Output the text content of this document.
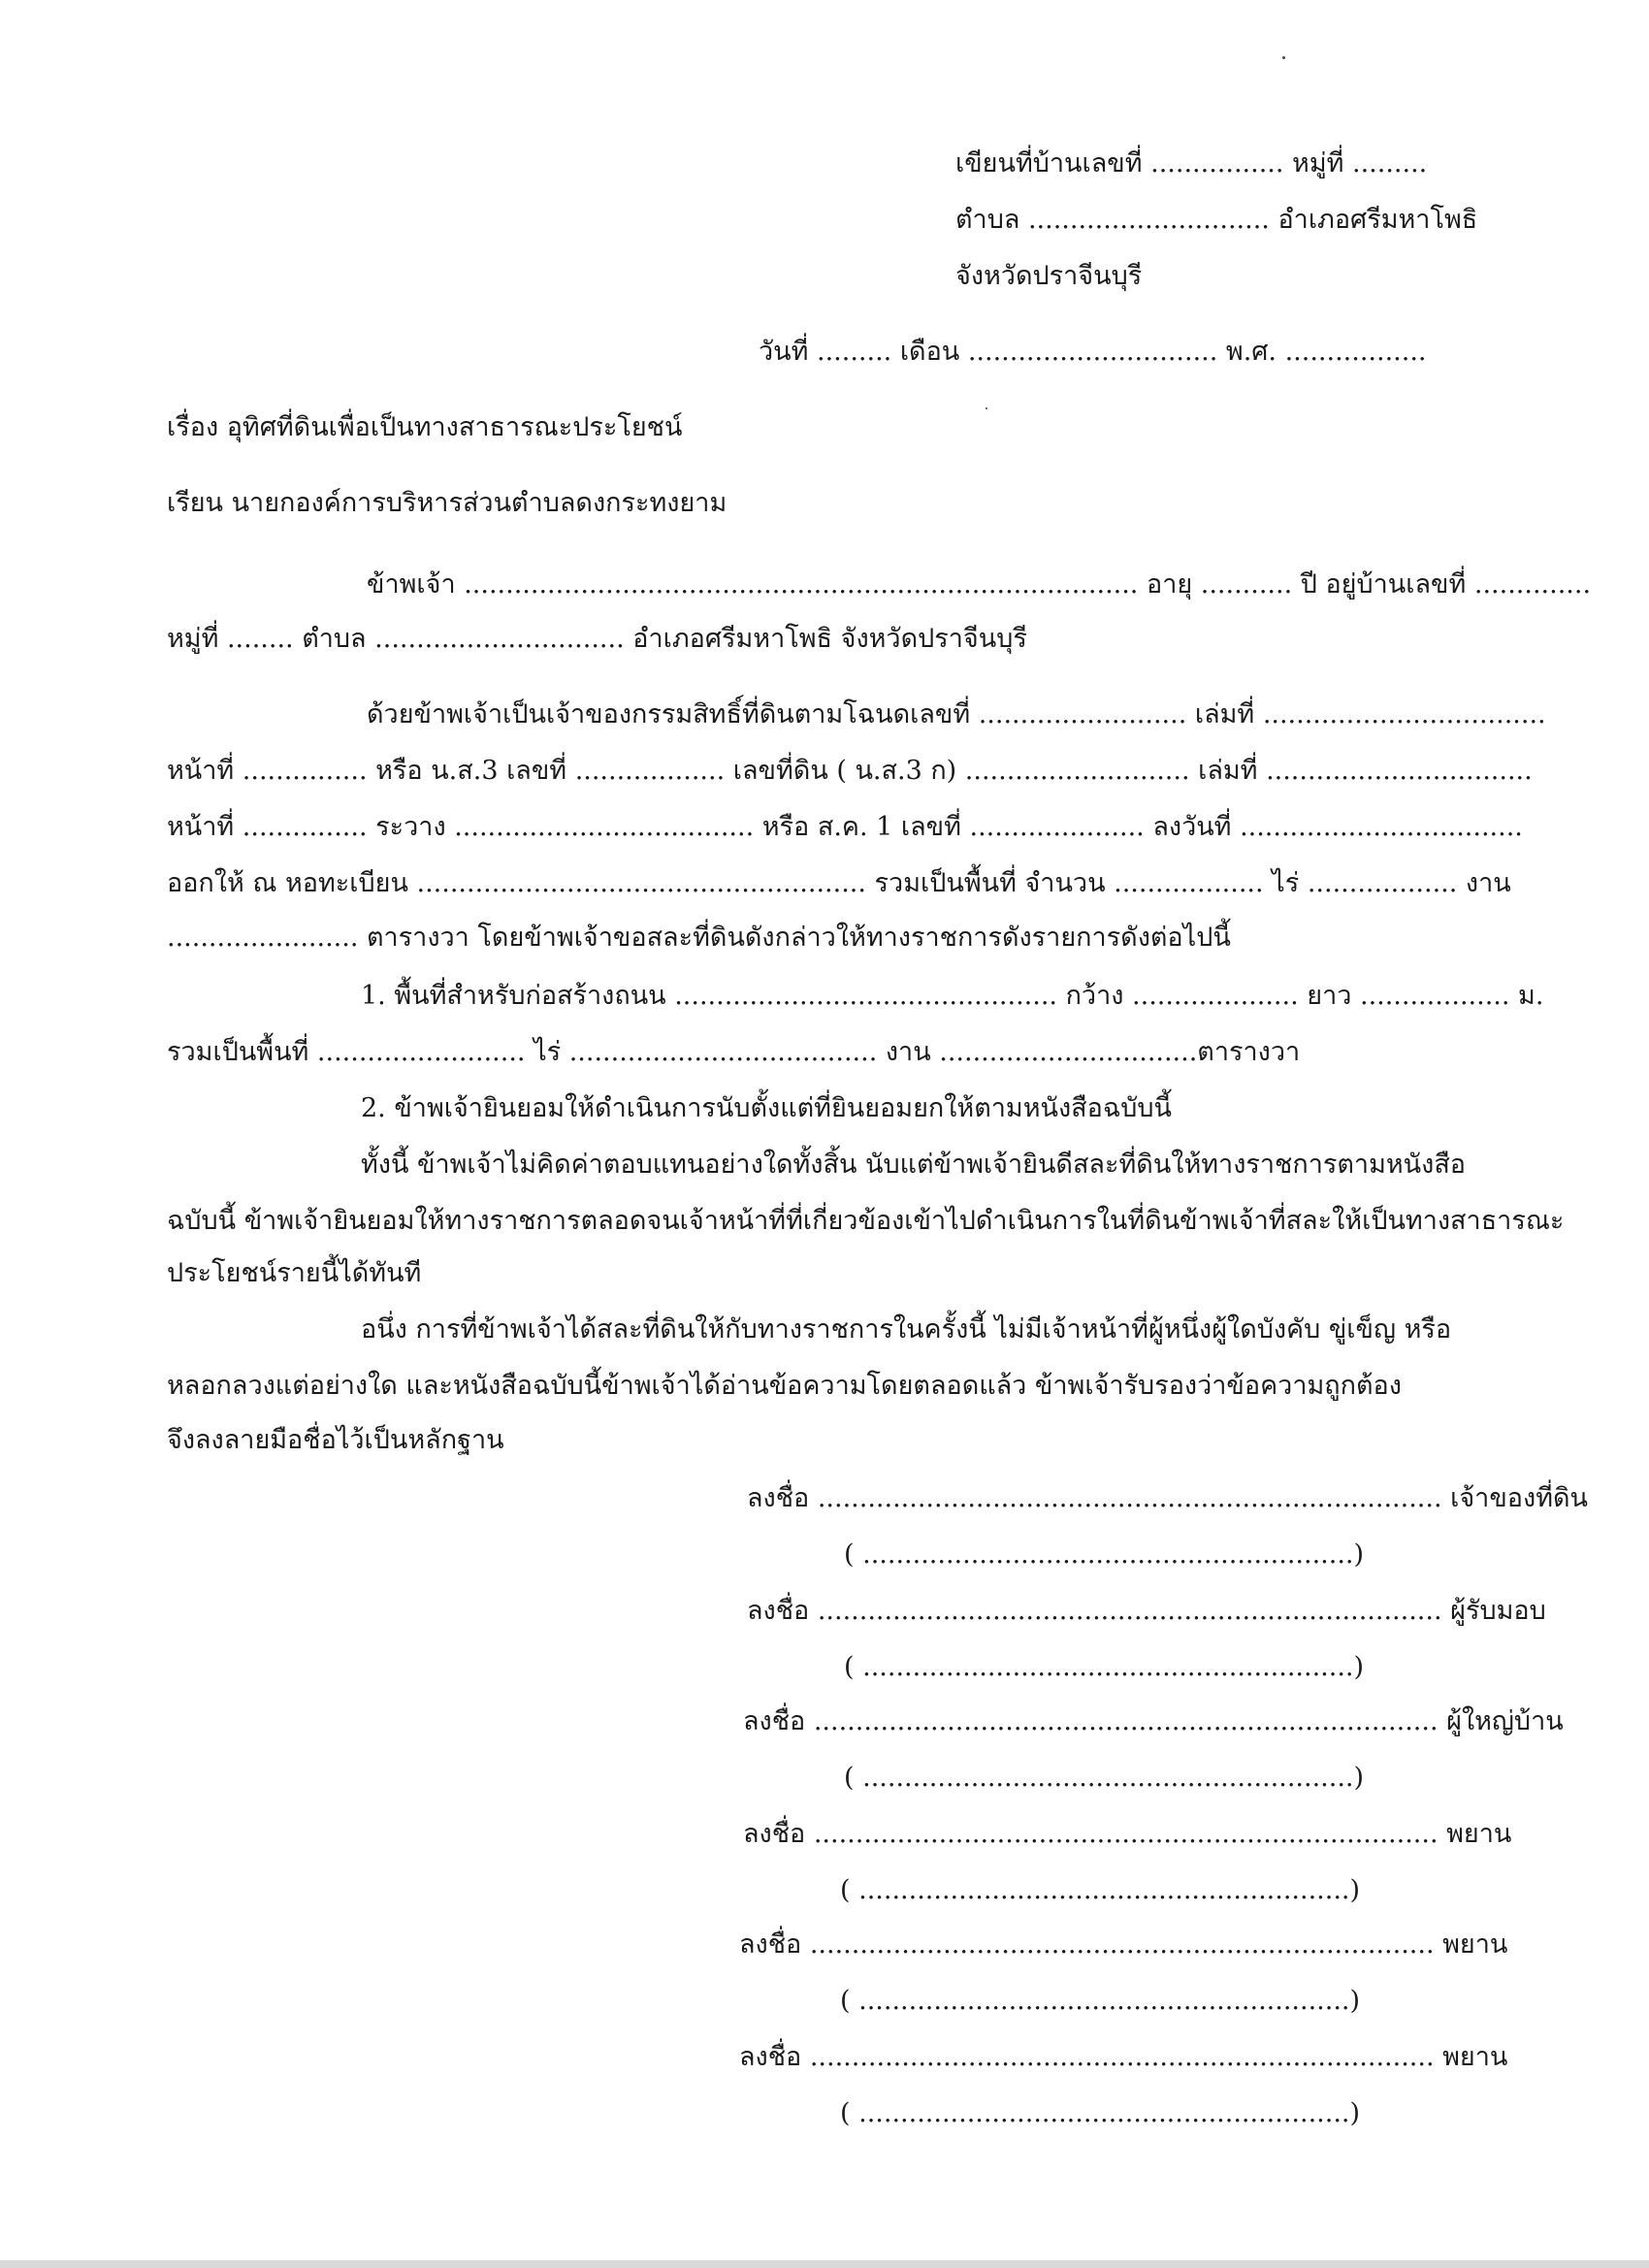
เขียนที่บ้านเลขที่ ................ หมู่ที่ .........
ตำบล ............................. อำเภอศรีมหาโพธิ
จังหวัดปราจีนบุรี
วันที่ ......... เดือน .............................. พ.ศ. .................
เรื่อง อุทิศที่ดินเพื่อเป็นทางสาธารณะประโยชน์
เรียน นายกองค์การบริหารส่วนตำบลดงกระทงยาม
ข้าพเจ้า ................................................................................. อายุ ........... ปี อยู่บ้านเลขที่ ..............
หมู่ที่ ........ ตำบล .............................. อำเภอศรีมหาโพธิ จังหวัดปราจีนบุรี
ด้วยข้าพเจ้าเป็นเจ้าของกรรมสิทธิ์ที่ดินตามโฉนดเลขที่ ......................... เล่มที่ ..................................
หน้าที่ ............... หรือ น.ส.3 เลขที่ .................. เลขที่ดิน ( น.ส.3 ก) ........................... เล่มที่ ................................
หน้าที่ ............... ระวาง .................................... หรือ ส.ค. 1 เลขที่ ..................... ลงวันที่ ..................................
ออกให้ ณ หอทะเบียน ...................................................... รวมเป็นพื้นที่ จำนวน .................. ไร่ .................. งาน
....................... ตารางวา โดยข้าพเจ้าขอสละที่ดินดังกล่าวให้ทางราชการดังรายการดังต่อไปนี้
1. พื้นที่สำหรับก่อสร้างถนน .............................................. กว้าง .................... ยาว .................. ม.
รวมเป็นพื้นที่ ......................... ไร่ ..................................... งาน ...............................ตารางวา
2. ข้าพเจ้ายินยอมให้ดำเนินการนับตั้งแต่ที่ยินยอมยกให้ตามหนังสือฉบับนี้
ทั้งนี้ ข้าพเจ้าไม่คิดค่าตอบแทนอย่างใดทั้งสิ้น นับแต่ข้าพเจ้ายินดีสละที่ดินให้ทางราชการตามหนังสือ
ฉบับนี้ ข้าพเจ้ายินยอมให้ทางราชการตลอดจนเจ้าหน้าที่ที่เกี่ยวข้องเข้าไปดำเนินการในที่ดินข้าพเจ้าที่สละให้เป็นทางสาธารณะ
ประโยชน์รายนี้ได้ทันที
อนึ่ง การที่ข้าพเจ้าได้สละที่ดินให้กับทางราชการในครั้งนี้ ไม่มีเจ้าหน้าที่ผู้หนึ่งผู้ใดบังคับ ขู่เข็ญ หรือ
หลอกลวงแต่อย่างใด และหนังสือฉบับนี้ข้าพเจ้าได้อ่านข้อความโดยตลอดแล้ว ข้าพเจ้ารับรองว่าข้อความถูกต้อง
จึงลงลายมือชื่อไว้เป็นหลักฐาน
ลงชื่อ ........................................................................... เจ้าของที่ดิน
( ...........................................................)
ลงชื่อ ........................................................................... ผู้รับมอบ
( ...........................................................)
ลงชื่อ ........................................................................... ผู้ใหญ่บ้าน
( ...........................................................)
ลงชื่อ ........................................................................... พยาน
( ...........................................................)
ลงชื่อ ........................................................................... พยาน
( ...........................................................)
ลงชื่อ ........................................................................... พยาน
( ...........................................................)
